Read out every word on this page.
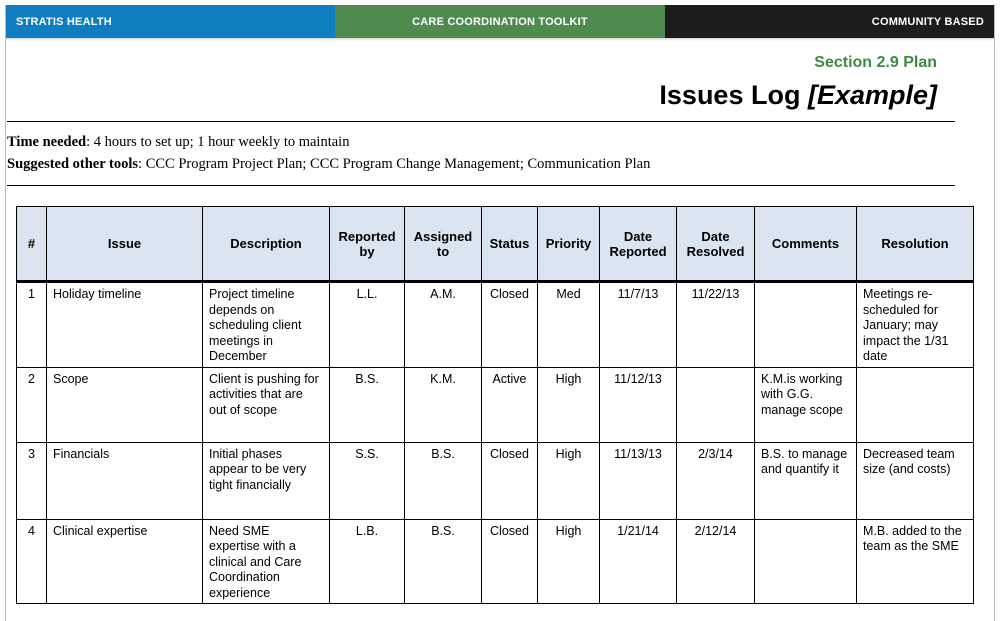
STRATIS HEALTH	CARE COORDINATION TOOLKIT	COMMUNITY BASED
Section 2.9 Plan
Issues Log [Example]
Time needed: 4 hours to set up; 1 hour weekly to maintain
Suggested other tools: CCC Program Project Plan; CCC Program Change Management; Communication Plan
#	Issue	Description	Reported by	Assigned to	Status	Priority	Date Reported	Date Resolved	Comments	Resolution
1	Holiday timeline	Project timeline depends on scheduling client meetings in December	L.L.	A.M.	Closed	Med	11/7/13	11/22/13		Meetings re-scheduled for January; may impact the 1/31 date
2	Scope	Client is pushing for activities that are out of scope	B.S.	K.M.	Active	High	11/12/13		K.M.is working with G.G. manage scope	
3	Financials	Initial phases appear to be very tight financially	S.S.	B.S.	Closed	High	11/13/13	2/3/14	B.S. to manage and quantify it	Decreased team size (and costs)
4	Clinical expertise	Need SME expertise with a clinical and Care Coordination experience	L.B.	B.S.	Closed	High	1/21/14	2/12/14		M.B. added to the team as the SME
